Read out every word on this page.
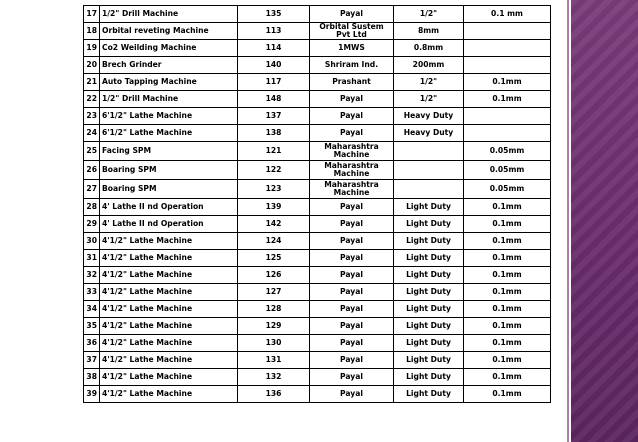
17	1/2" Drill Machine	135	Payal	1/2"	0.1 mm
18	Orbital reveting Machine	113	Orbital Sustem Pvt Ltd	8mm	
19	Co2 Weilding Machine	114	1MWS	0.8mm	
20	Brech Grinder	140	Shriram Ind.	200mm	
21	Auto Tapping Machine	117	Prashant	1/2"	0.1mm
22	1/2" Drill Machine	148	Payal	1/2"	0.1mm
23	6'1/2" Lathe Machine	137	Payal	Heavy Duty	
24	6'1/2" Lathe Machine	138	Payal	Heavy Duty	
25	Facing SPM	121	Maharashtra Machine		0.05mm
26	Boaring SPM	122	Maharashtra Machine		0.05mm
27	Boaring SPM	123	Maharashtra Machine		0.05mm
28	4' Lathe II nd Operation	139	Payal	Light Duty	0.1mm
29	4' Lathe II nd Operation	142	Payal	Light Duty	0.1mm
30	4'1/2" Lathe Machine	124	Payal	Light Duty	0.1mm
31	4'1/2" Lathe Machine	125	Payal	Light Duty	0.1mm
32	4'1/2" Lathe Machine	126	Payal	Light Duty	0.1mm
33	4'1/2" Lathe Machine	127	Payal	Light Duty	0.1mm
34	4'1/2" Lathe Machine	128	Payal	Light Duty	0.1mm
35	4'1/2" Lathe Machine	129	Payal	Light Duty	0.1mm
36	4'1/2" Lathe Machine	130	Payal	Light Duty	0.1mm
37	4'1/2" Lathe Machine	131	Payal	Light Duty	0.1mm
38	4'1/2" Lathe Machine	132	Payal	Light Duty	0.1mm
39	4'1/2" Lathe Machine	136	Payal	Light Duty	0.1mm
